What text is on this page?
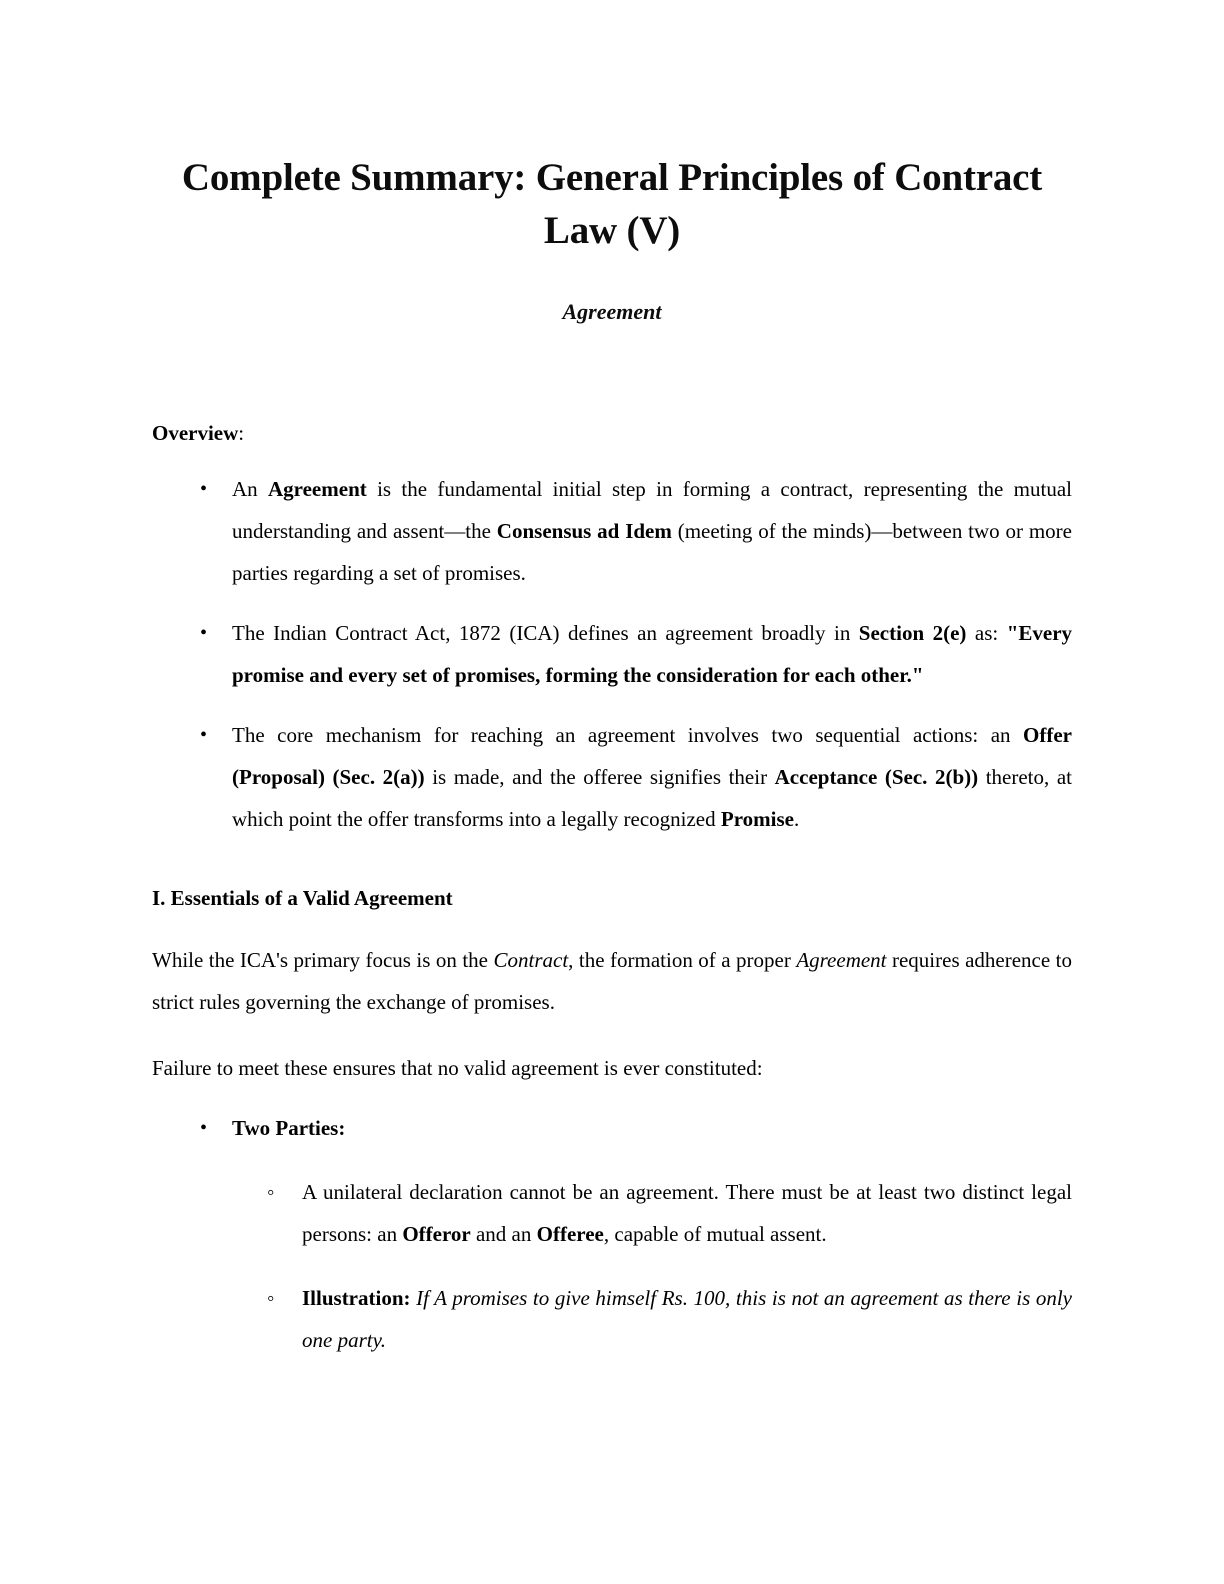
Complete Summary: General Principles of Contract Law (V)
Agreement
Overview:
• An Agreement is the fundamental initial step in forming a contract, representing the mutual understanding and assent—the Consensus ad Idem (meeting of the minds)—between two or more parties regarding a set of promises.
• The Indian Contract Act, 1872 (ICA) defines an agreement broadly in Section 2(e) as: "Every promise and every set of promises, forming the consideration for each other."
• The core mechanism for reaching an agreement involves two sequential actions: an Offer (Proposal) (Sec. 2(a)) is made, and the offeree signifies their Acceptance (Sec. 2(b)) thereto, at which point the offer transforms into a legally recognized Promise.
I. Essentials of a Valid Agreement

While the ICA's primary focus is on the Contract, the formation of a proper Agreement requires adherence to strict rules governing the exchange of promises.

Failure to meet these ensures that no valid agreement is ever constituted:

• Two Parties:
◦ A unilateral declaration cannot be an agreement. There must be at least two distinct legal persons: an Offeror and an Offeree, capable of mutual assent.
◦ Illustration: If A promises to give himself Rs. 100, this is not an agreement as there is only one party.
